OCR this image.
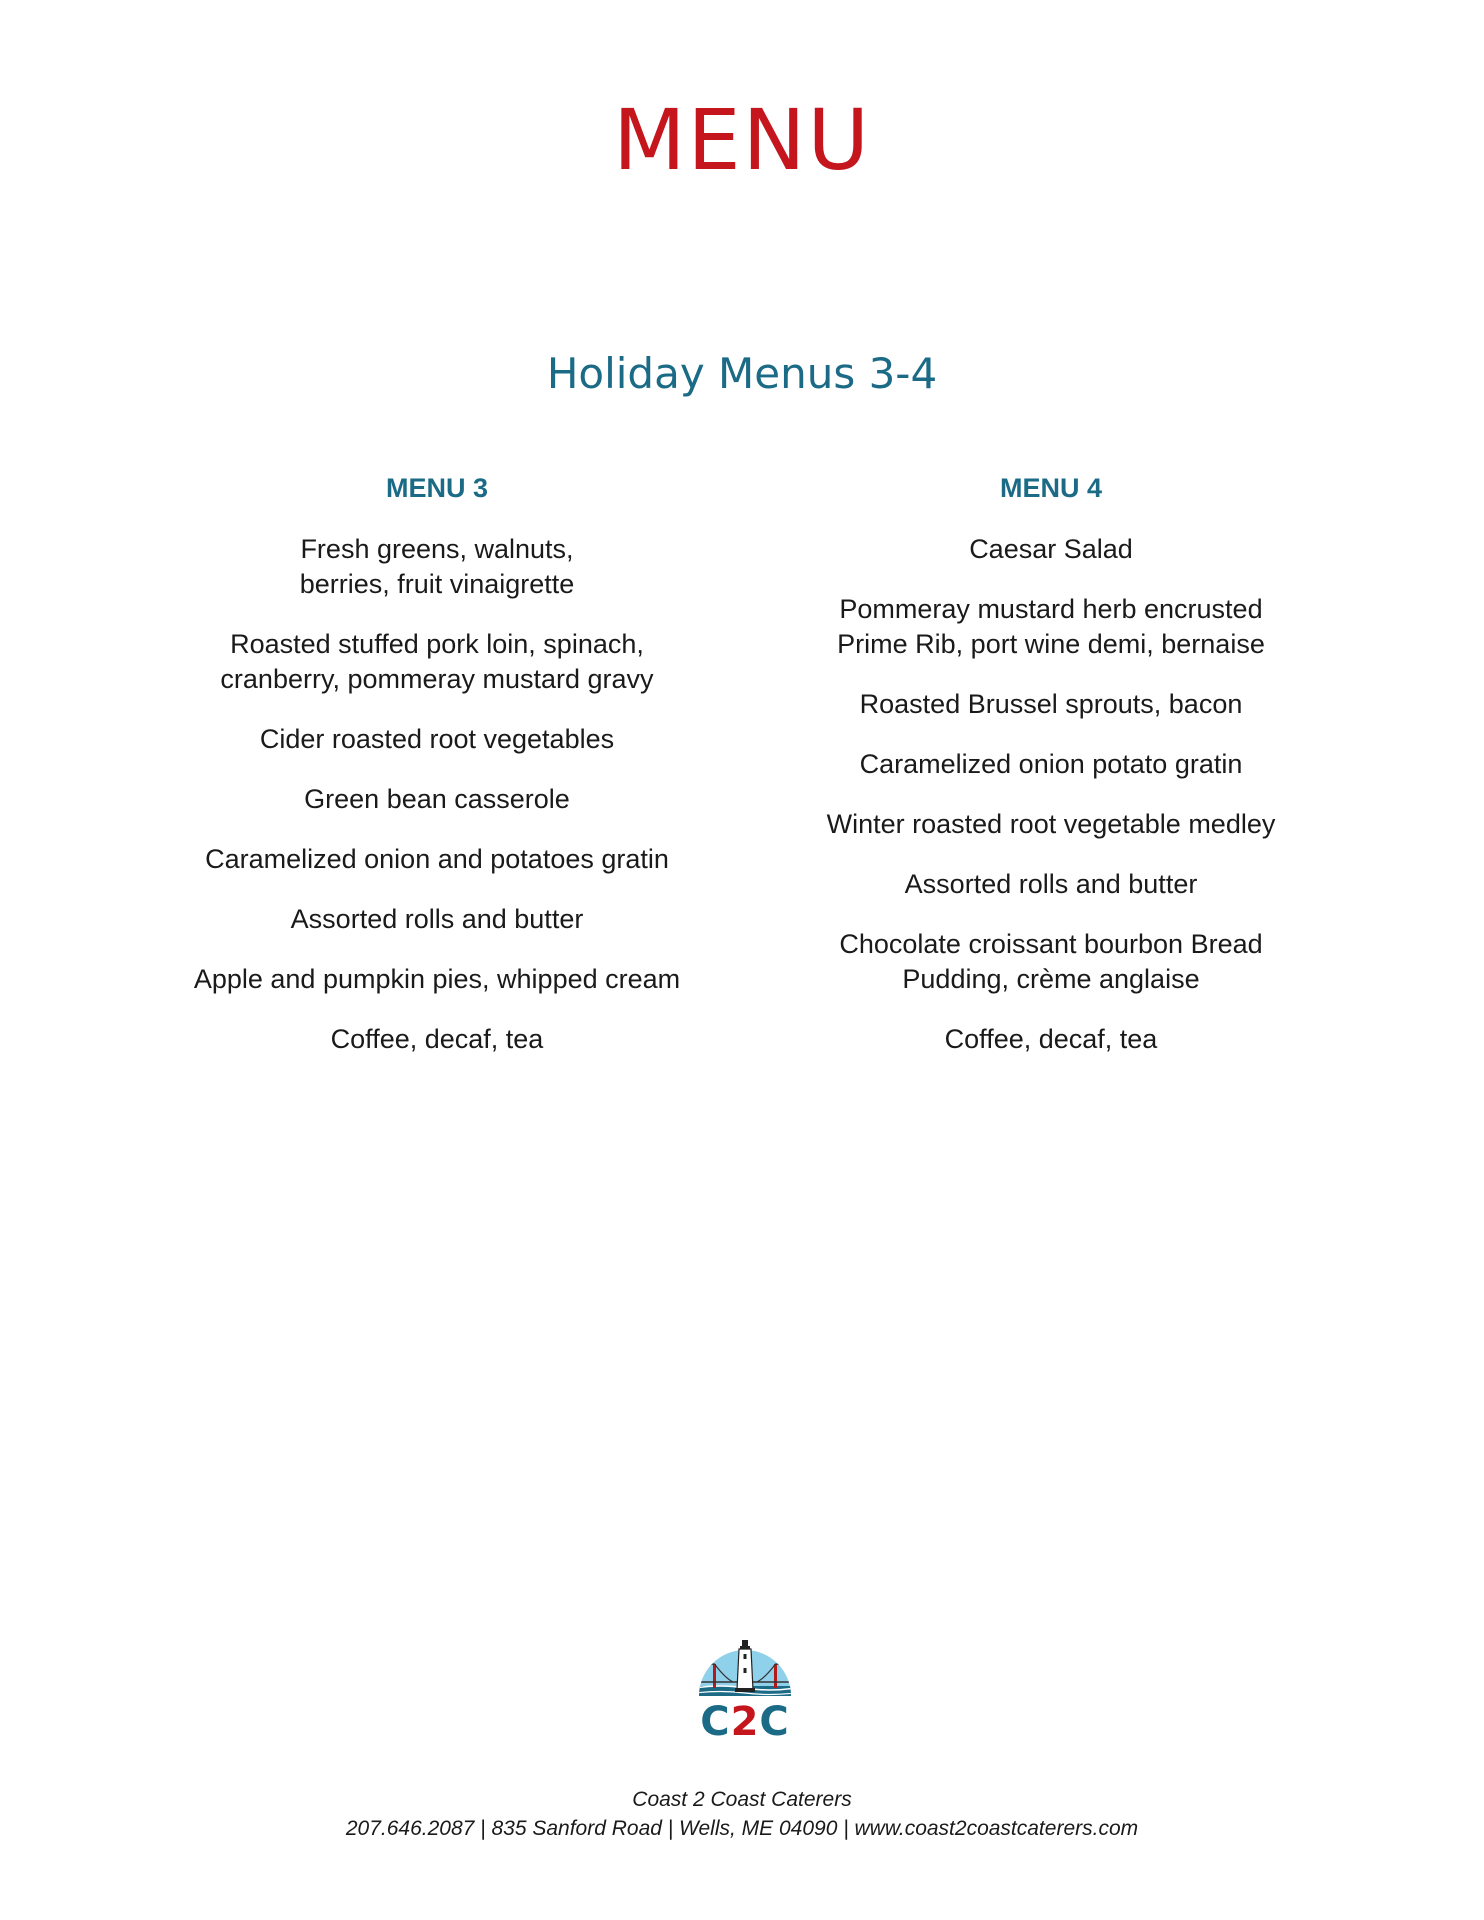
MENU
Holiday Menus 3-4
MENU 3

Fresh greens, walnuts,
berries, fruit vinaigrette

Roasted stuffed pork loin, spinach,
cranberry, pommeray mustard gravy

Cider roasted root vegetables

Green bean casserole

Caramelized onion and potatoes gratin

Assorted rolls and butter

Apple and pumpkin pies, whipped cream

Coffee, decaf, tea

MENU 4

Caesar Salad

Pommeray mustard herb encrusted
Prime Rib, port wine demi, bernaise

Roasted Brussel sprouts, bacon

Caramelized onion potato gratin

Winter roasted root vegetable medley

Assorted rolls and butter

Chocolate croissant bourbon Bread
Pudding, crème anglaise

Coffee, decaf, tea

C2C
Coast 2 Coast Caterers
207.646.2087 | 835 Sanford Road | Wells, ME 04090 | www.coast2coastcaterers.com
